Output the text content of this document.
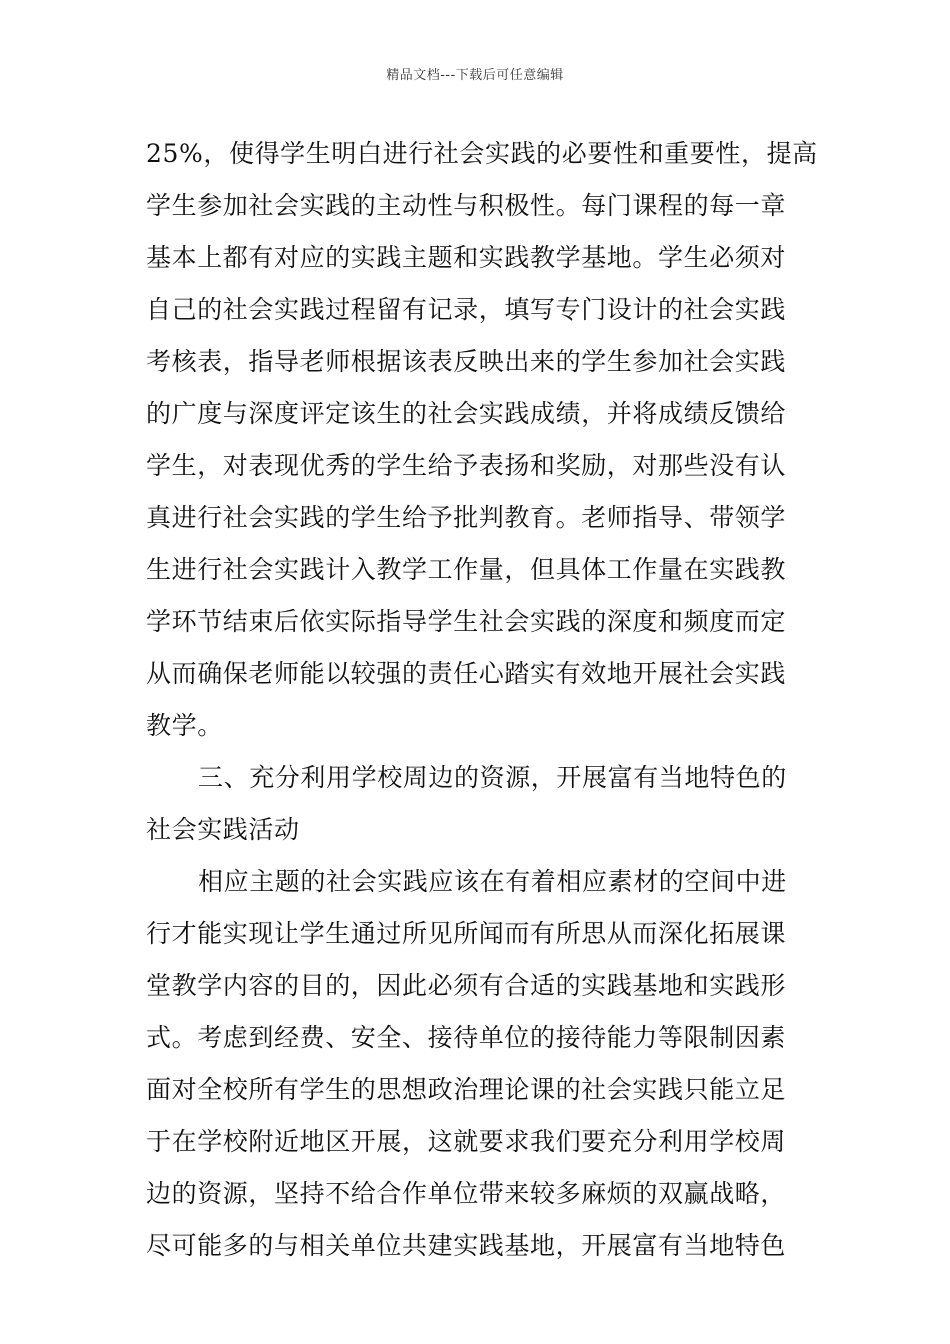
精品文档---下载后可任意编辑
25%，使得学生明白进行社会实践的必要性和重要性，提高
学生参加社会实践的主动性与积极性。每门课程的每一章
基本上都有对应的实践主题和实践教学基地。学生必须对
自己的社会实践过程留有记录，填写专门设计的社会实践
考核表，指导老师根据该表反映出来的学生参加社会实践
的广度与深度评定该生的社会实践成绩，并将成绩反馈给
学生，对表现优秀的学生给予表扬和奖励，对那些没有认
真进行社会实践的学生给予批判教育。老师指导、带领学
生进行社会实践计入教学工作量，但具体工作量在实践教
学环节结束后依实际指导学生社会实践的深度和频度而定
从而确保老师能以较强的责任心踏实有效地开展社会实践
教学。
三、充分利用学校周边的资源，开展富有当地特色的
社会实践活动
相应主题的社会实践应该在有着相应素材的空间中进
行才能实现让学生通过所见所闻而有所思从而深化拓展课
堂教学内容的目的，因此必须有合适的实践基地和实践形
式。考虑到经费、安全、接待单位的接待能力等限制因素
面对全校所有学生的思想政治理论课的社会实践只能立足
于在学校附近地区开展，这就要求我们要充分利用学校周
边的资源，坚持不给合作单位带来较多麻烦的双赢战略，
尽可能多的与相关单位共建实践基地，开展富有当地特色
